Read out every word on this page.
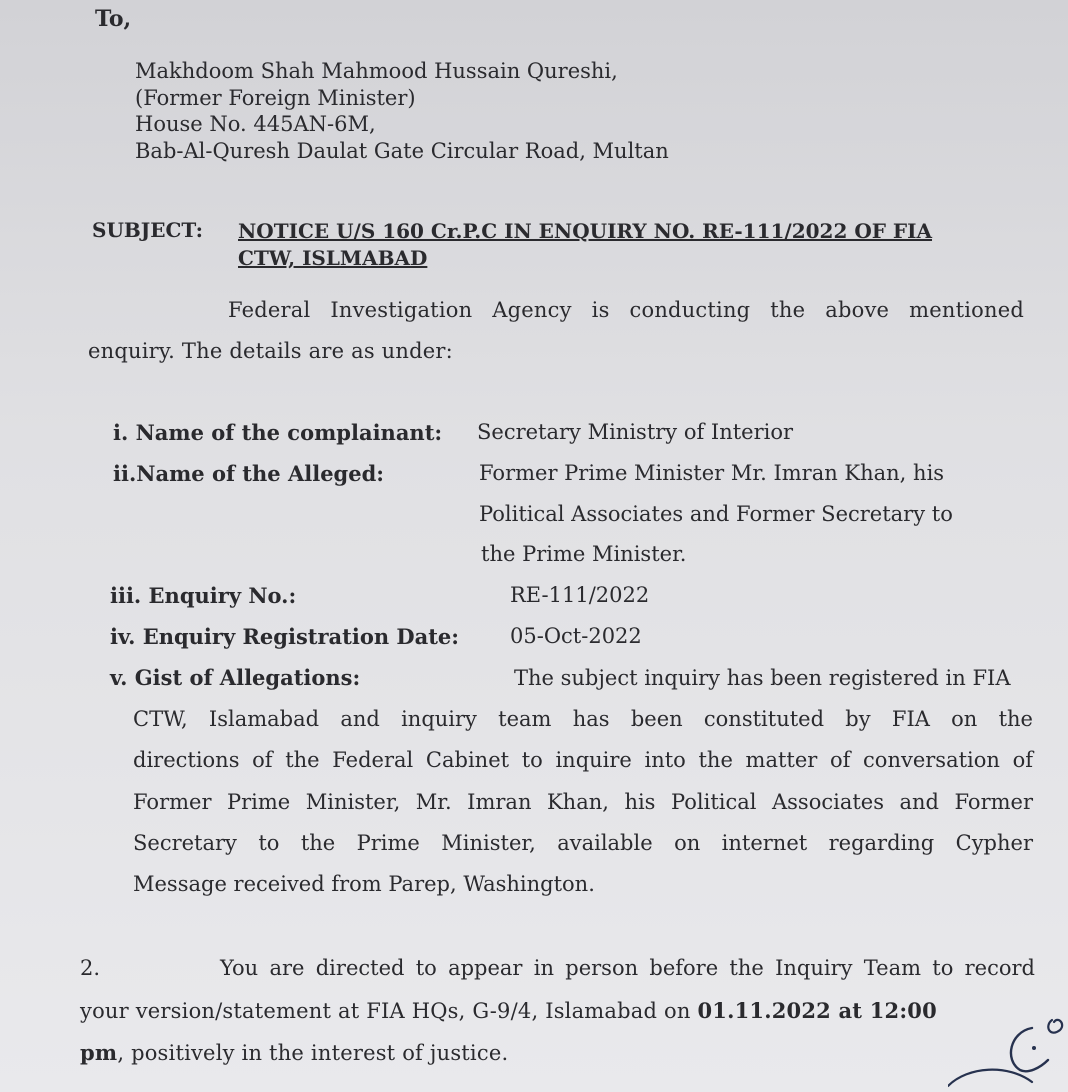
To,
Makhdoom Shah Mahmood Hussain Qureshi,
(Former Foreign Minister)
House No. 445AN-6M,
Bab-Al-Quresh Daulat Gate Circular Road, Multan
SUBJECT: NOTICE U/S 160 Cr.P.C IN ENQUIRY NO. RE-111/2022 OF FIA
CTW, ISLMABAD
Federal Investigation Agency is conducting the above mentioned
enquiry. The details are as under:
i. Name of the complainant: Secretary Ministry of Interior
ii.Name of the Alleged:	Former Prime Minister Mr. Imran Khan, his
Political Associates and Former Secretary to
the Prime Minister.
iii. Enquiry No.:	RE-111/2022
iv. Enquiry Registration Date: 05-Oct-2022
v. Gist of Allegations:	The subject inquiry has been registered in FIA
CTW, Islamabad and inquiry team has been constituted by FIA on the
directions of the Federal Cabinet to inquire into the matter of conversation of
Former Prime Minister, Mr. Imran Khan, his Political Associates and Former
Secretary to the Prime Minister, available on internet regarding Cypher
Message received from Parep, Washington.
2.	You are directed to appear in person before the Inquiry Team to record
your version/statement at FIA HQs, G-9/4, Islamabad on 01.11.2022 at 12:00
pm, positively in the interest of justice.
